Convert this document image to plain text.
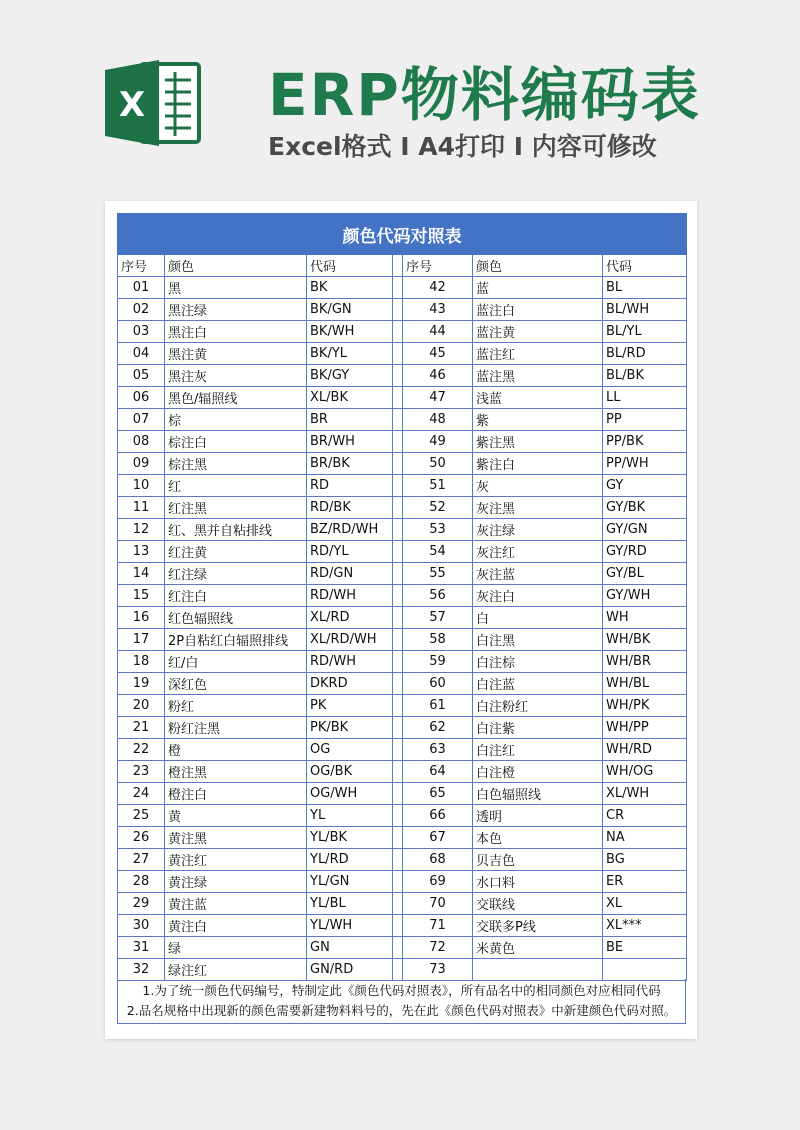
X ERP物料编码表
Excel格式 I A4打印 I 内容可修改
颜色代码对照表						
序号	颜色	代码		序号	颜色	代码
01	黑	BK		42	蓝	BL
02	黑注绿	BK/GN		43	蓝注白	BL/WH
03	黑注白	BK/WH		44	蓝注黄	BL/YL
04	黑注黄	BK/YL		45	蓝注红	BL/RD
05	黑注灰	BK/GY		46	蓝注黑	BL/BK
06	黑色/辐照线	XL/BK		47	浅蓝	LL
07	棕	BR		48	紫	PP
08	棕注白	BR/WH		49	紫注黑	PP/BK
09	棕注黑	BR/BK		50	紫注白	PP/WH
10	红	RD		51	灰	GY
11	红注黑	RD/BK		52	灰注黑	GY/BK
12	红、黑并自粘排线	BZ/RD/WH		53	灰注绿	GY/GN
13	红注黄	RD/YL		54	灰注红	GY/RD
14	红注绿	RD/GN		55	灰注蓝	GY/BL
15	红注白	RD/WH		56	灰注白	GY/WH
16	红色辐照线	XL/RD		57	白	WH
17	2P自粘红白辐照排线	XL/RD/WH		58	白注黑	WH/BK
18	红/白	RD/WH		59	白注棕	WH/BR
19	深红色	DKRD		60	白注蓝	WH/BL
20	粉红	PK		61	白注粉红	WH/PK
21	粉红注黑	PK/BK		62	白注紫	WH/PP
22	橙	OG		63	白注红	WH/RD
23	橙注黑	OG/BK		64	白注橙	WH/OG
24	橙注白	OG/WH		65	白色辐照线	XL/WH
25	黄	YL		66	透明	CR
26	黄注黑	YL/BK		67	本色	NA
27	黄注红	YL/RD		68	贝吉色	BG
28	黄注绿	YL/GN		69	水口料	ER
29	黄注蓝	YL/BL		70	交联线	XL
30	黄注白	YL/WH		71	交联多P线	XL***
31	绿	GN		72	米黄色	BE
32	绿注红	GN/RD		73		
1.为了统一颜色代码编号，特制定此《颜色代码对照表》，所有品名中的相同颜色对应相同代码
2.品名规格中出现新的颜色需要新建物料料号的，先在此《颜色代码对照表》中新建颜色代码对照。
